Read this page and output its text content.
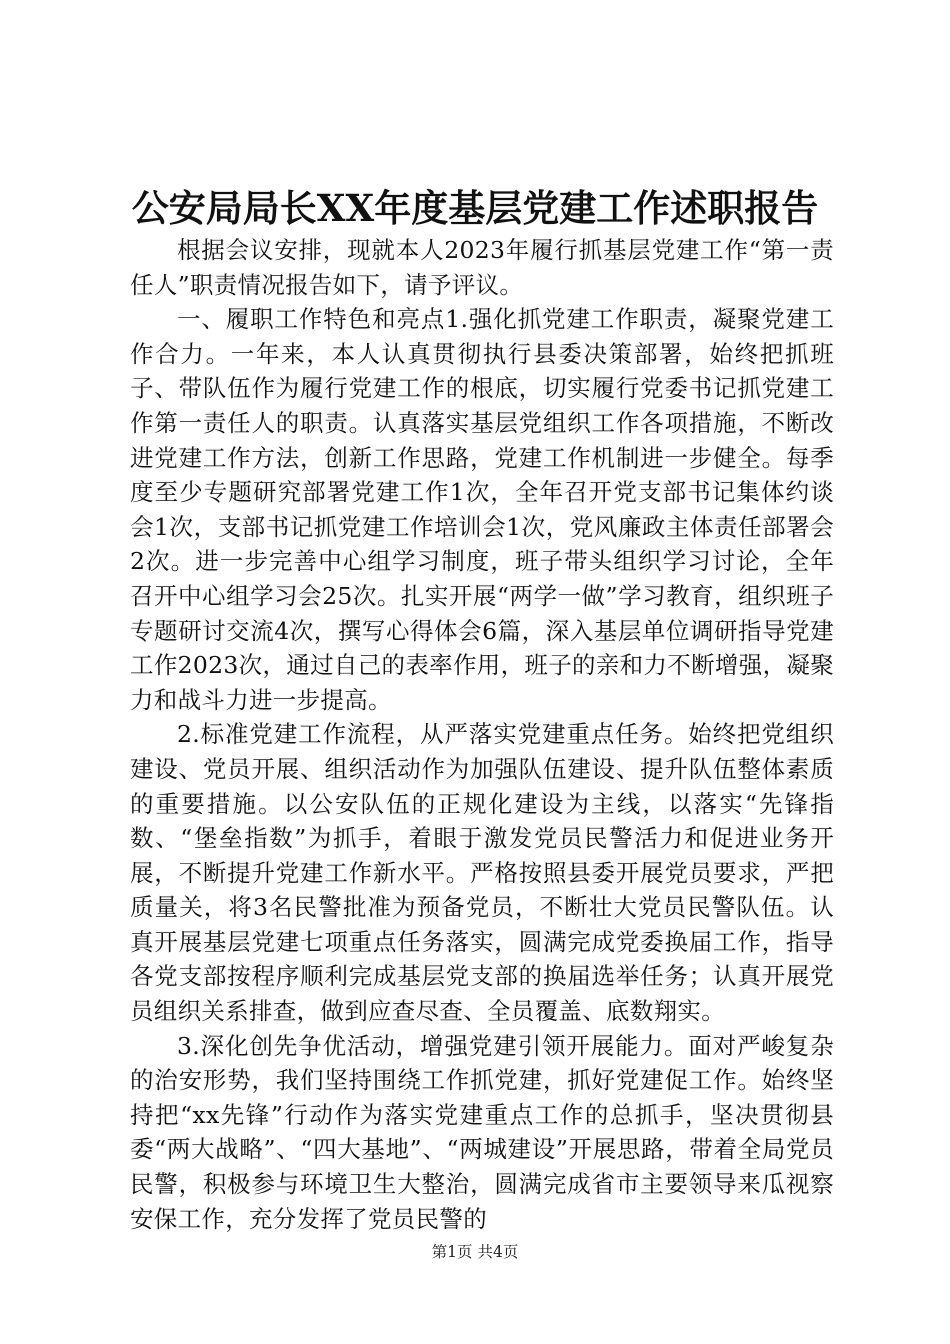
公安局局长XX年度基层党建工作述职报告

根据会议安排，现就本人2023年履行抓基层党建工作“第一责任人”职责情况报告如下，请予评议。

一、履职工作特色和亮点1.强化抓党建工作职责，凝聚党建工作合力。一年来，本人认真贯彻执行县委决策部署，始终把抓班子、带队伍作为履行党建工作的根底，切实履行党委书记抓党建工作第一责任人的职责。认真落实基层党组织工作各项措施，不断改进党建工作方法，创新工作思路，党建工作机制进一步健全。每季度至少专题研究部署党建工作1次，全年召开党支部书记集体约谈会1次，支部书记抓党建工作培训会1次，党风廉政主体责任部署会2次。进一步完善中心组学习制度，班子带头组织学习讨论，全年召开中心组学习会25次。扎实开展“两学一做”学习教育，组织班子专题研讨交流4次，撰写心得体会6篇，深入基层单位调研指导党建工作2023次，通过自己的表率作用，班子的亲和力不断增强，凝聚力和战斗力进一步提高。

2.标准党建工作流程，从严落实党建重点任务。始终把党组织建设、党员开展、组织活动作为加强队伍建设、提升队伍整体素质的重要措施。以公安队伍的正规化建设为主线，以落实“先锋指数、“堡垒指数”为抓手，着眼于激发党员民警活力和促进业务开展，不断提升党建工作新水平。严格按照县委开展党员要求，严把质量关，将3名民警批准为预备党员，不断壮大党员民警队伍。认真开展基层党建七项重点任务落实，圆满完成党委换届工作，指导各党支部按程序顺利完成基层党支部的换届选举任务；认真开展党员组织关系排查，做到应查尽查、全员覆盖、底数翔实。

3.深化创先争优活动，增强党建引领开展能力。面对严峻复杂的治安形势，我们坚持围绕工作抓党建，抓好党建促工作。始终坚持把“xx先锋”行动作为落实党建重点工作的总抓手，坚决贯彻县委“两大战略”、“四大基地”、“两城建设”开展思路，带着全局党员民警，积极参与环境卫生大整治，圆满完成省市主要领导来瓜视察安保工作，充分发挥了党员民警的

第1页 共4页
